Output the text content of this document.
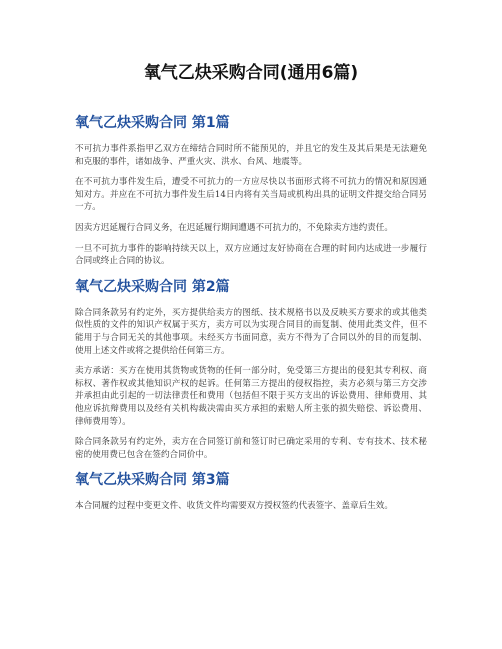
氧气乙炔采购合同(通用6篇)
氧气乙炔采购合同 第1篇

不可抗力事件系指甲乙双方在缔结合同时所不能预见的，并且它的发生及其后果是无法避免和克服的事件，诸如战争、严重火灾、洪水、台风、地震等。

在不可抗力事件发生后，遭受不可抗力的一方应尽快以书面形式将不可抗力的情况和原因通知对方。并应在不可抗力事件发生后14日内将有关当局或机构出具的证明文件提交给合同另一方。

因卖方迟延履行合同义务，在迟延履行期间遭遇不可抗力的，不免除卖方违约责任。

一旦不可抗力事件的影响持续天以上，双方应通过友好协商在合理的时间内达成进一步履行合同或终止合同的协议。

氧气乙炔采购合同 第2篇

除合同条款另有约定外，买方提供给卖方的图纸、技术规格书以及反映买方要求的或其他类似性质的文件的知识产权属于买方，卖方可以为实现合同目的而复制、使用此类文件，但不能用于与合同无关的其他事项。未经买方书面同意，卖方不得为了合同以外的目的而复制、使用上述文件或将之提供给任何第三方。

卖方承诺：买方在使用其货物或货物的任何一部分时，免受第三方提出的侵犯其专利权、商标权、著作权或其他知识产权的起诉。任何第三方提出的侵权指控，卖方必须与第三方交涉并承担由此引起的一切法律责任和费用（包括但不限于买方支出的诉讼费用、律师费用、其他应诉抗辩费用以及经有关机构裁决需由买方承担的索赔人所主张的损失赔偿、诉讼费用、律师费用等）。

除合同条款另有约定外，卖方在合同签订前和签订时已确定采用的专利、专有技术、技术秘密的使用费已包含在签约合同价中。

氧气乙炔采购合同 第3篇

本合同履约过程中变更文件、收货文件均需要双方授权签约代表签字、盖章后生效。
